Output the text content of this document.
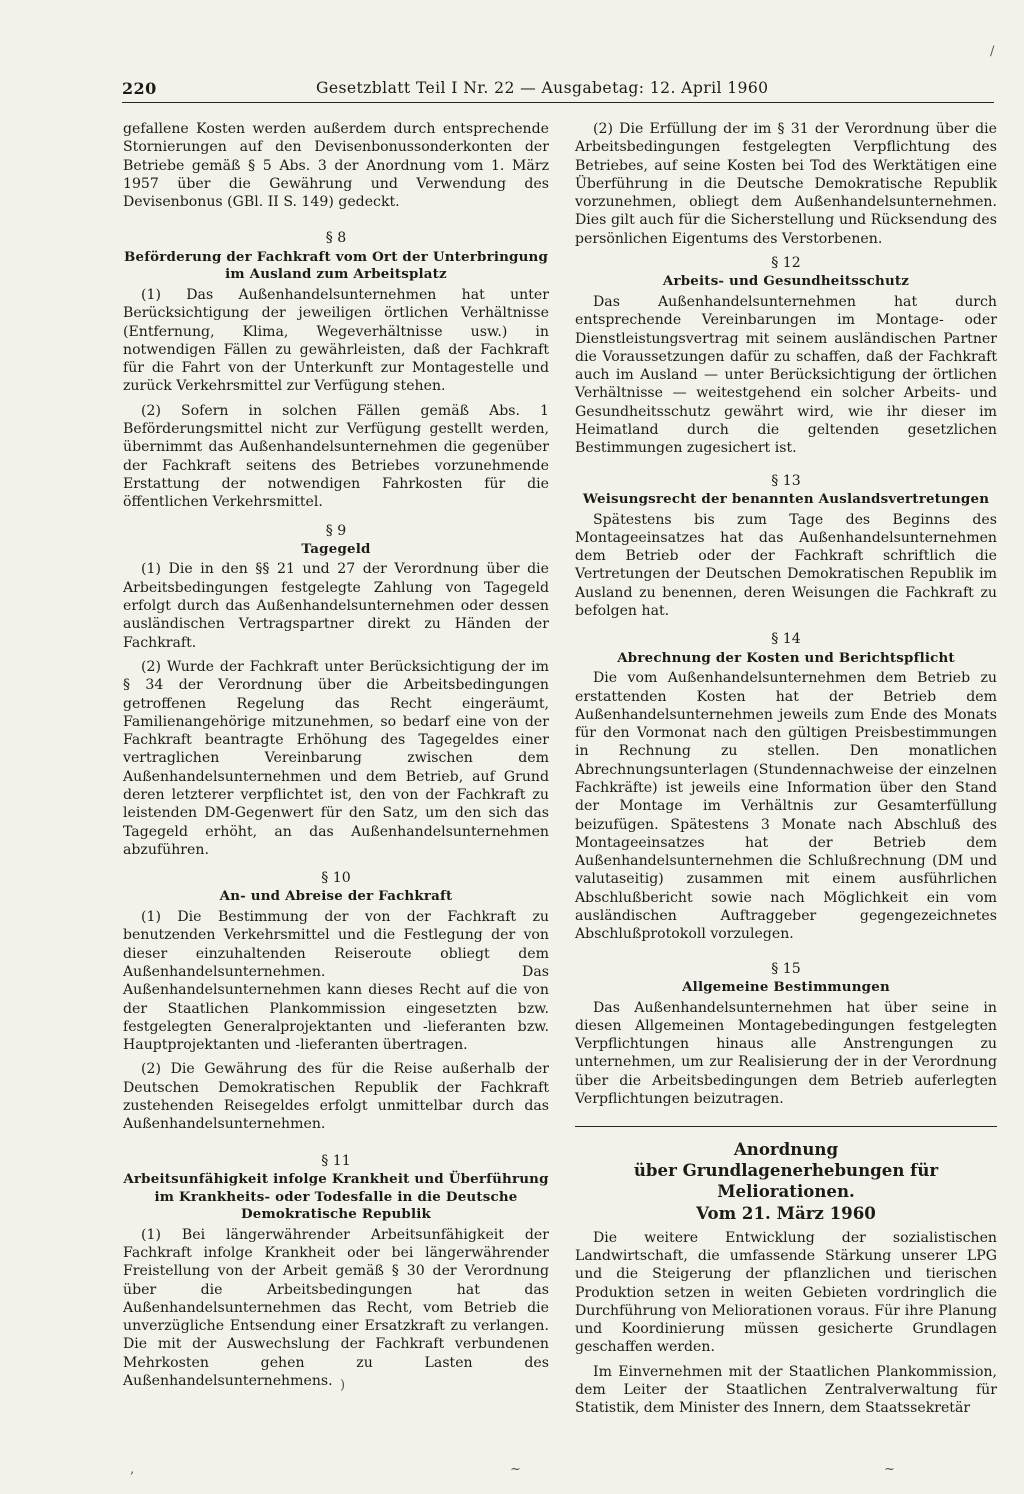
220	Gesetzblatt Teil I Nr. 22 — Ausgabetag: 12. April 1960

gefallene Kosten werden außerdem durch entsprechende Stornierungen auf den Devisenbonussonderkonten der Betriebe gemäß § 5 Abs. 3 der Anordnung vom 1. März 1957 über die Gewährung und Verwendung des Devisenbonus (GBl. II S. 149) gedeckt.

§ 8
Beförderung der Fachkraft vom Ort der Unterbringung im Ausland zum Arbeitsplatz

(1) Das Außenhandelsunternehmen hat unter Berücksichtigung der jeweiligen örtlichen Verhältnisse (Entfernung, Klima, Wegeverhältnisse usw.) in notwendigen Fällen zu gewährleisten, daß der Fachkraft für die Fahrt von der Unterkunft zur Montagestelle und zurück Verkehrsmittel zur Verfügung stehen.

(2) Sofern in solchen Fällen gemäß Abs. 1 Beförderungsmittel nicht zur Verfügung gestellt werden, übernimmt das Außenhandelsunternehmen die gegenüber der Fachkraft seitens des Betriebes vorzunehmende Erstattung der notwendigen Fahrkosten für die öffentlichen Verkehrsmittel.

§ 9
Tagegeld

(1) Die in den §§ 21 und 27 der Verordnung über die Arbeitsbedingungen festgelegte Zahlung von Tagegeld erfolgt durch das Außenhandelsunternehmen oder dessen ausländischen Vertragspartner direkt zu Händen der Fachkraft.

(2) Wurde der Fachkraft unter Berücksichtigung der im § 34 der Verordnung über die Arbeitsbedingungen getroffenen Regelung das Recht eingeräumt, Familienangehörige mitzunehmen, so bedarf eine von der Fachkraft beantragte Erhöhung des Tagegeldes einer vertraglichen Vereinbarung zwischen dem Außenhandelsunternehmen und dem Betrieb, auf Grund deren letzterer verpflichtet ist, den von der Fachkraft zu leistenden DM-Gegenwert für den Satz, um den sich das Tagegeld erhöht, an das Außenhandelsunternehmen abzuführen.

§ 10
An- und Abreise der Fachkraft

(1) Die Bestimmung der von der Fachkraft zu benutzenden Verkehrsmittel und die Festlegung der von dieser einzuhaltenden Reiseroute obliegt dem Außenhandelsunternehmen. Das Außenhandelsunternehmen kann dieses Recht auf die von der Staatlichen Plankommission eingesetzten bzw. festgelegten Generalprojektanten und -lieferanten bzw. Hauptprojektanten und -lieferanten übertragen.

(2) Die Gewährung des für die Reise außerhalb der Deutschen Demokratischen Republik der Fachkraft zustehenden Reisegeldes erfolgt unmittelbar durch das Außenhandelsunternehmen.

§ 11
Arbeitsunfähigkeit infolge Krankheit und Überführung im Krankheits- oder Todesfalle in die Deutsche Demokratische Republik

(1) Bei längerwährender Arbeitsunfähigkeit der Fachkraft infolge Krankheit oder bei längerwährender Freistellung von der Arbeit gemäß § 30 der Verordnung über die Arbeitsbedingungen hat das Außenhandelsunternehmen das Recht, vom Betrieb die unverzügliche Entsendung einer Ersatzkraft zu verlangen. Die mit der Auswechslung der Fachkraft verbundenen Mehrkosten gehen zu Lasten des Außenhandelsunternehmens.

(2) Die Erfüllung der im § 31 der Verordnung über die Arbeitsbedingungen festgelegten Verpflichtung des Betriebes, auf seine Kosten bei Tod des Werktätigen eine Überführung in die Deutsche Demokratische Republik vorzunehmen, obliegt dem Außenhandelsunternehmen. Dies gilt auch für die Sicherstellung und Rücksendung des persönlichen Eigentums des Verstorbenen.

§ 12
Arbeits- und Gesundheitsschutz

Das Außenhandelsunternehmen hat durch entsprechende Vereinbarungen im Montage- oder Dienstleistungsvertrag mit seinem ausländischen Partner die Voraussetzungen dafür zu schaffen, daß der Fachkraft auch im Ausland — unter Berücksichtigung der örtlichen Verhältnisse — weitestgehend ein solcher Arbeits- und Gesundheitsschutz gewährt wird, wie ihr dieser im Heimatland durch die geltenden gesetzlichen Bestimmungen zugesichert ist.

§ 13
Weisungsrecht der benannten Auslandsvertretungen

Spätestens bis zum Tage des Beginns des Montageeinsatzes hat das Außenhandelsunternehmen dem Betrieb oder der Fachkraft schriftlich die Vertretungen der Deutschen Demokratischen Republik im Ausland zu benennen, deren Weisungen die Fachkraft zu befolgen hat.

§ 14
Abrechnung der Kosten und Berichtspflicht

Die vom Außenhandelsunternehmen dem Betrieb zu erstattenden Kosten hat der Betrieb dem Außenhandelsunternehmen jeweils zum Ende des Monats für den Vormonat nach den gültigen Preisbestimmungen in Rechnung zu stellen. Den monatlichen Abrechnungsunterlagen (Stundennachweise der einzelnen Fachkräfte) ist jeweils eine Information über den Stand der Montage im Verhältnis zur Gesamterfüllung beizufügen. Spätestens 3 Monate nach Abschluß des Montageeinsatzes hat der Betrieb dem Außenhandelsunternehmen die Schlußrechnung (DM und valutaseitig) zusammen mit einem ausführlichen Abschlußbericht sowie nach Möglichkeit ein vom ausländischen Auftraggeber gegengezeichnetes Abschlußprotokoll vorzulegen.

§ 15
Allgemeine Bestimmungen

Das Außenhandelsunternehmen hat über seine in diesen Allgemeinen Montagebedingungen festgelegten Verpflichtungen hinaus alle Anstrengungen zu unternehmen, um zur Realisierung der in der Verordnung über die Arbeitsbedingungen dem Betrieb auferlegten Verpflichtungen beizutragen.

Anordnung
über Grundlagenerhebungen für Meliorationen.
Vom 21. März 1960

Die weitere Entwicklung der sozialistischen Landwirtschaft, die umfassende Stärkung unserer LPG und die Steigerung der pflanzlichen und tierischen Produktion setzen in weiten Gebieten vordringlich die Durchführung von Meliorationen voraus. Für ihre Planung und Koordinierung müssen gesicherte Grundlagen geschaffen werden.

Im Einvernehmen mit der Staatlichen Plankommission, dem Leiter der Staatlichen Zentralverwaltung für Statistik, dem Minister des Innern, dem Staatssekretär

/
)
‚	~	~
